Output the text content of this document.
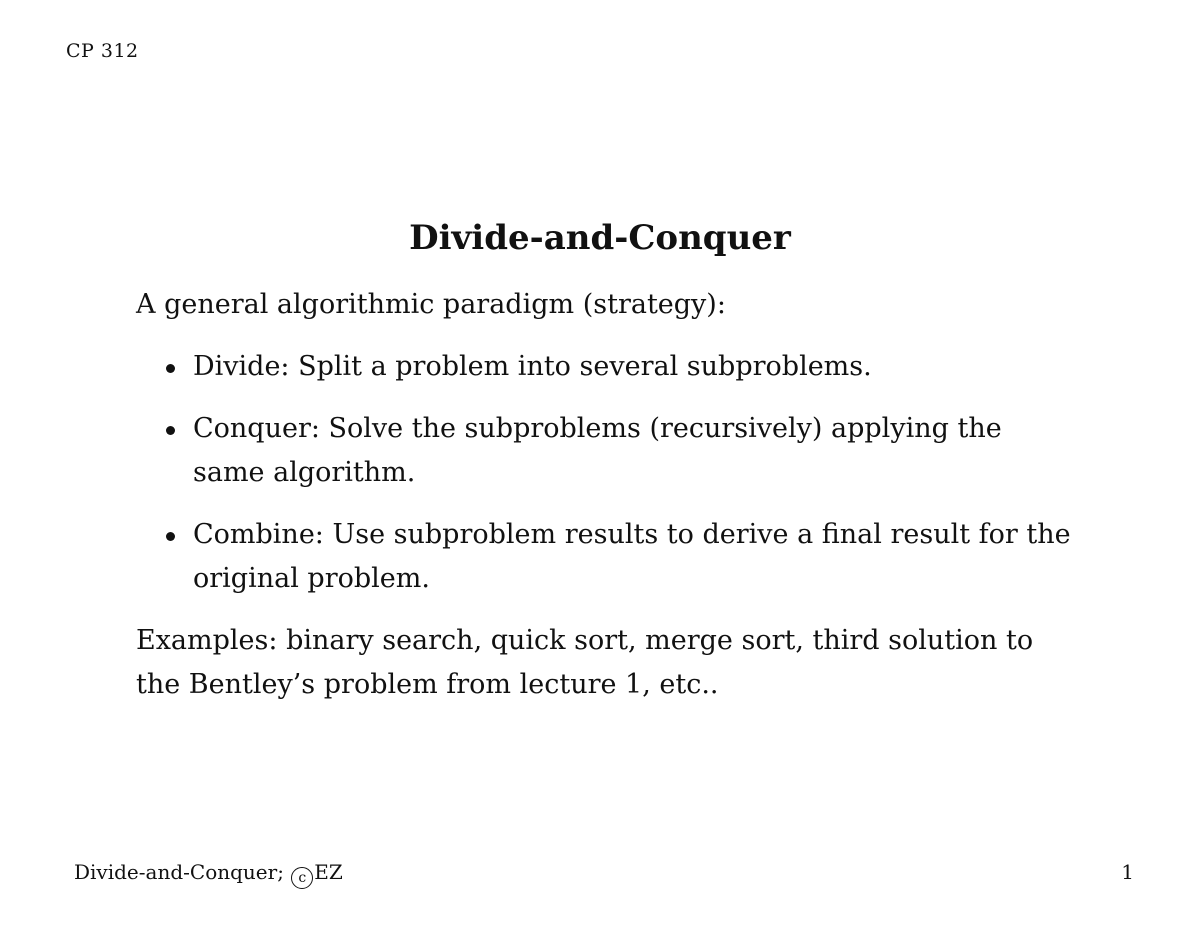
CP 312
Divide-and-Conquer

A general algorithmic paradigm (strategy):

Divide: Split a problem into several subproblems.
Conquer: Solve the subproblems (recursively) applying the same algorithm.
Combine: Use subproblem results to derive a final result for the original problem.

Examples: binary search, quick sort, merge sort, third solution to the Bentley’s problem from lecture 1, etc..

Divide-and-Conquer; c EZ	1
